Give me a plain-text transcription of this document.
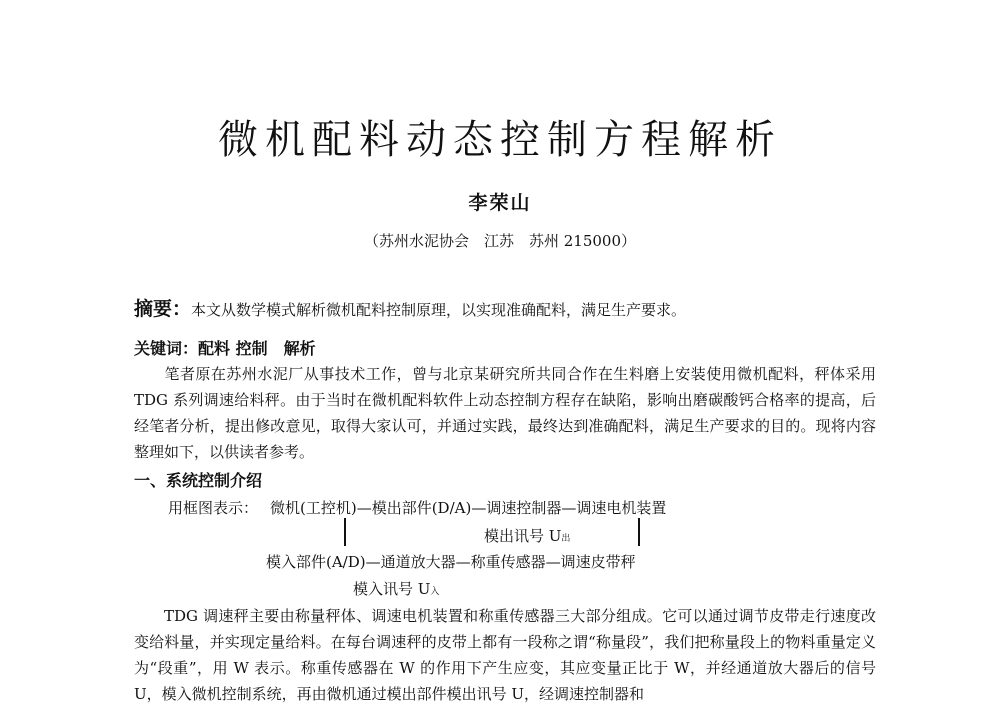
微机配料动态控制方程解析
李荣山
（苏州水泥协会　江苏　苏州 215000）
摘要：本文从数学模式解析微机配料控制原理，以实现准确配料，满足生产要求。
关键词：配料 控制　解析
笔者原在苏州水泥厂从事技术工作，曾与北京某研究所共同合作在生料磨上安装使用微机配料，秤体采用 TDG 系列调速给料秤。由于当时在微机配料软件上动态控制方程存在缺陷，影响出磨碳酸钙合格率的提高，后经笔者分析，提出修改意见，取得大家认可，并通过实践，最终达到准确配料，满足生产要求的目的。现将内容整理如下，以供读者参考。
一、系统控制介绍
用框图表示： 微机(工控机)—模出部件(D/A)—调速控制器—调速电机装置
模出讯号 U出
模入部件(A/D)—通道放大器—称重传感器—调速皮带秤
模入讯号 U入
TDG 调速秤主要由称量秤体、调速电机装置和称重传感器三大部分组成。它可以通过调节皮带走行速度改变给料量，并实现定量给料。在每台调速秤的皮带上都有一段称之谓“称量段”，我们把称量段上的物料重量定义为“段重”，用 W 表示。称重传感器在 W 的作用下产生应变，其应变量正比于 W，并经通道放大器后的信号 U，模入微机控制系统，再由微机通过模出部件模出讯号 U，经调速控制器和
